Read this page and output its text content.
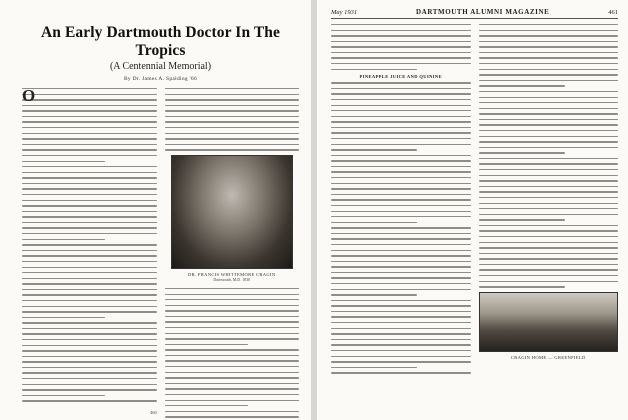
An Early Dartmouth Doctor In The Tropics
(A Centennial Memorial)
By Dr. James A. Spalding '66
O
DR. FRANCIS WHITTEMORE CRAGIN
Dartmouth, M.D. 1830
460
May 1931	DARTMOUTH ALUMNI MAGAZINE	461
PINEAPPLE JUICE AND QUININE
CRAGIN HOME — GREENFIELD
